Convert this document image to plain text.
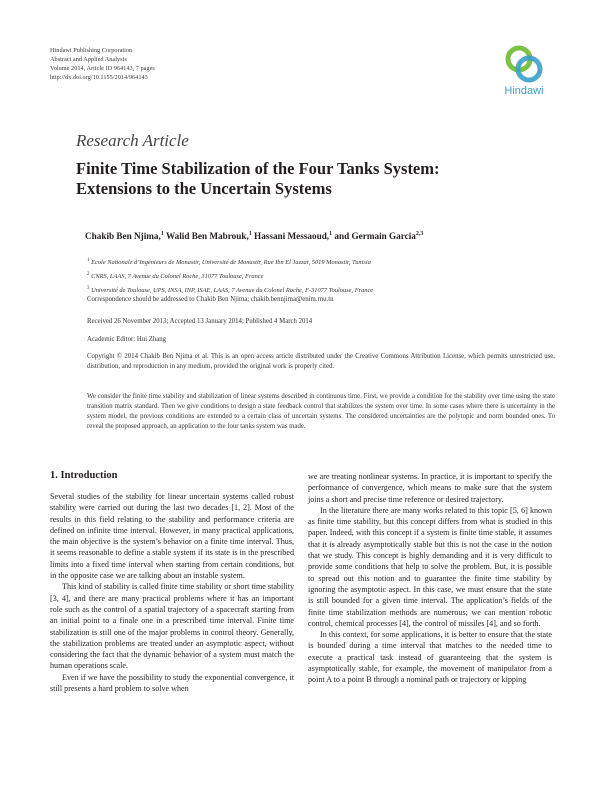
Hindawi Publishing Corporation
Abstract and Applied Analysis
Volume 2014, Article ID 964143, 7 pages
http://dx.doi.org/10.1155/2014/964143
Hindawi
Research Article
Finite Time Stabilization of the Four Tanks System:
Extensions to the Uncertain Systems
Chakib Ben Njima,$^1$ Walid Ben Mabrouk,$^1$ Hassani Messaoud,$^1$ and Germain Garcia$^{2,3}$
$^1$ Ecole Nationale d’Ingénieurs de Monastir, Université de Monastir, Rue Ibn El Jazzar, 5019 Monastir, Tunisia
$^2$ CNRS, LAAS, 7 Avenue du Colonel Roche, 31077 Toulouse, France
$^3$ Université de Toulouse, UPS, INSA, INP, ISAE, LAAS, 7 Avenue du Colonel Roche, F-31077 Toulouse, France
Correspondence should be addressed to Chakib Ben Njima; chakib.bennjima@enim.rnu.tn
Received 26 November 2013; Accepted 13 January 2014; Published 4 March 2014
Academic Editor: Hui Zhang
Copyright © 2014 Chakib Ben Njima et al. This is an open access article distributed under the Creative Commons Attribution License, which permits unrestricted use, distribution, and reproduction in any medium, provided the original work is properly cited.
We consider the finite time stability and stabilization of linear systems described in continuous time. First, we provide a condition for the stability over time using the state transition matrix standard. Then we give conditions to design a state feedback control that stabilizes the system over time. In some cases where there is uncertainty in the system model, the previous conditions are extended to a certain class of uncertain systems. The considered uncertainties are the polytopic and norm bounded ones. To reveal the proposed approach, an application to the four tanks system was made.
1. Introduction

Several studies of the stability for linear uncertain systems called robust stability were carried out during the last two decades [1, 2]. Most of the results in this field relating to the stability and performance criteria are defined on infinite time interval. However, in many practical applications, the main objective is the system’s behavior on a finite time interval. Thus, it seems reasonable to define a stable system if its state is in the prescribed limits into a fixed time interval when starting from certain conditions, but in the opposite case we are talking about an instable system.

This kind of stability is called finite time stability or short time stability [3, 4], and there are many practical problems where it has an important role such as the control of a spatial trajectory of a spacecraft starting from an initial point to a finale one in a prescribed time interval. Finite time stabilization is still one of the major problems in control theory. Generally, the stabilization problems are treated under an asymptotic aspect, without considering the fact that the dynamic behavior of a system must match the human operations scale.

Even if we have the possibility to study the exponential convergence, it still presents a hard problem to solve when

we are treating nonlinear systems. In practice, it is important to specify the performance of convergence, which means to make sure that the system joins a short and precise time reference or desired trajectory.

In the literature there are many works related to this topic [5, 6] known as finite time stability, but this concept differs from what is studied in this paper. Indeed, with this concept if a system is finite time stable, it assumes that it is already asymptotically stable but this is not the case in the notion that we study. This concept is highly demanding and it is very difficult to provide some conditions that help to solve the problem. But, it is possible to spread out this notion and to guarantee the finite time stability by ignoring the asymptotic aspect. In this case, we must ensure that the state is still bounded for a given time interval. The application’s fields of the finite time stabilization methods are numerous; we can mention robotic control, chemical processes [4], the control of missiles [4], and so forth.

In this context, for some applications, it is better to ensure that the state is bounded during a time interval that matches to the needed time to execute a practical task instead of guaranteeing that the system is asymptotically stable, for example, the movement of manipulator from a point A to a point B through a nominal path or trajectory or kipping
